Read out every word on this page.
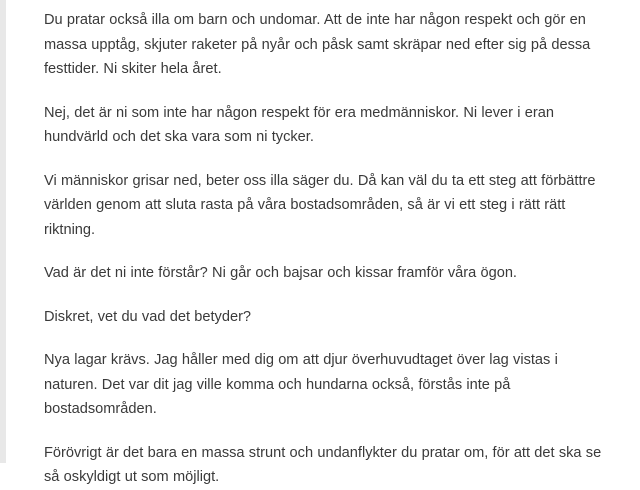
Du pratar också illa om barn och undomar. Att de inte har någon respekt och gör en massa upptåg, skjuter raketer på nyår och påsk samt skräpar ned efter sig på dessa festtider. Ni skiter hela året.

Nej, det är ni som inte har någon respekt för era medmänniskor. Ni lever i eran hundvärld och det ska vara som ni tycker.

Vi människor grisar ned, beter oss illa säger du. Då kan väl du ta ett steg att förbättre världen genom att sluta rasta på våra bostadsområden, så är vi ett steg i rätt rätt riktning.

Vad är det ni inte förstår? Ni går och bajsar och kissar framför våra ögon.

Diskret, vet du vad det betyder?

Nya lagar krävs. Jag håller med dig om att djur överhuvudtaget över lag vistas i naturen. Det var dit jag ville komma och hundarna också, förstås inte på bostadsområden.

Förövrigt är det bara en massa strunt och undanflykter du pratar om, för att det ska se så oskyldigt ut som möjligt.
